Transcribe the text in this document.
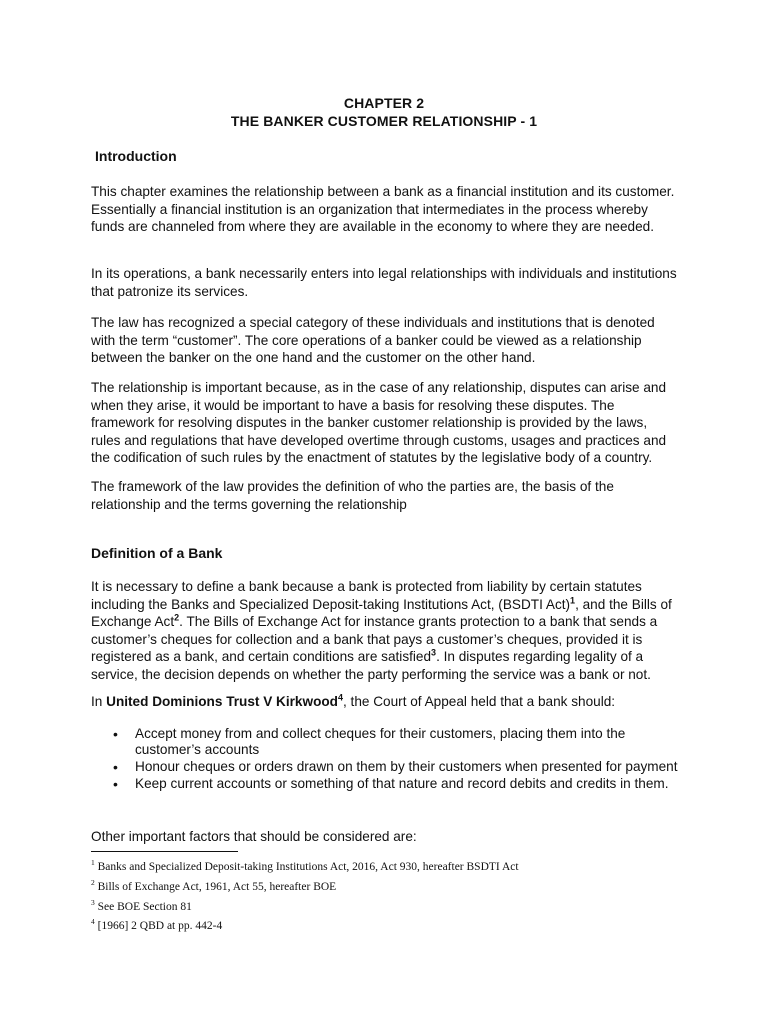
CHAPTER 2
THE BANKER CUSTOMER RELATIONSHIP - 1
Introduction
This chapter examines the relationship between a bank as a financial institution and its customer. Essentially a financial institution is an organization that intermediates in the process whereby funds are channeled from where they are available in the economy to where they are needed.
In its operations, a bank necessarily enters into legal relationships with individuals and institutions that patronize its services.
The law has recognized a special category of these individuals and institutions that is denoted with the term “customer”. The core operations of a banker could be viewed as a relationship between the banker on the one hand and the customer on the other hand.
The relationship is important because, as in the case of any relationship, disputes can arise and when they arise, it would be important to have a basis for resolving these disputes. The framework for resolving disputes in the banker customer relationship is provided by the laws, rules and regulations that have developed overtime through customs, usages and practices and the codification of such rules by the enactment of statutes by the legislative body of a country.
The framework of the law provides the definition of who the parties are, the basis of the relationship and the terms governing the relationship
Definition of a Bank
It is necessary to define a bank because a bank is protected from liability by certain statutes including the Banks and Specialized Deposit-taking Institutions Act, (BSDTI Act)$^1$, and the Bills of Exchange Act$^2$. The Bills of Exchange Act for instance grants protection to a bank that sends a customer’s cheques for collection and a bank that pays a customer’s cheques, provided it is registered as a bank, and certain conditions are satisfied$^3$. In disputes regarding legality of a service, the decision depends on whether the party performing the service was a bank or not.
In United Dominions Trust V Kirkwood$^4$, the Court of Appeal held that a bank should:
• Accept money from and collect cheques for their customers, placing them into the customer’s accounts
• Honour cheques or orders drawn on them by their customers when presented for payment
• Keep current accounts or something of that nature and record debits and credits in them.
Other important factors that should be considered are:
$^1$ Banks and Specialized Deposit-taking Institutions Act, 2016, Act 930, hereafter BSDTI Act
$^2$ Bills of Exchange Act, 1961, Act 55, hereafter BOE
$^3$ See BOE Section 81
$^4$ [1966] 2 QBD at pp. 442-4
